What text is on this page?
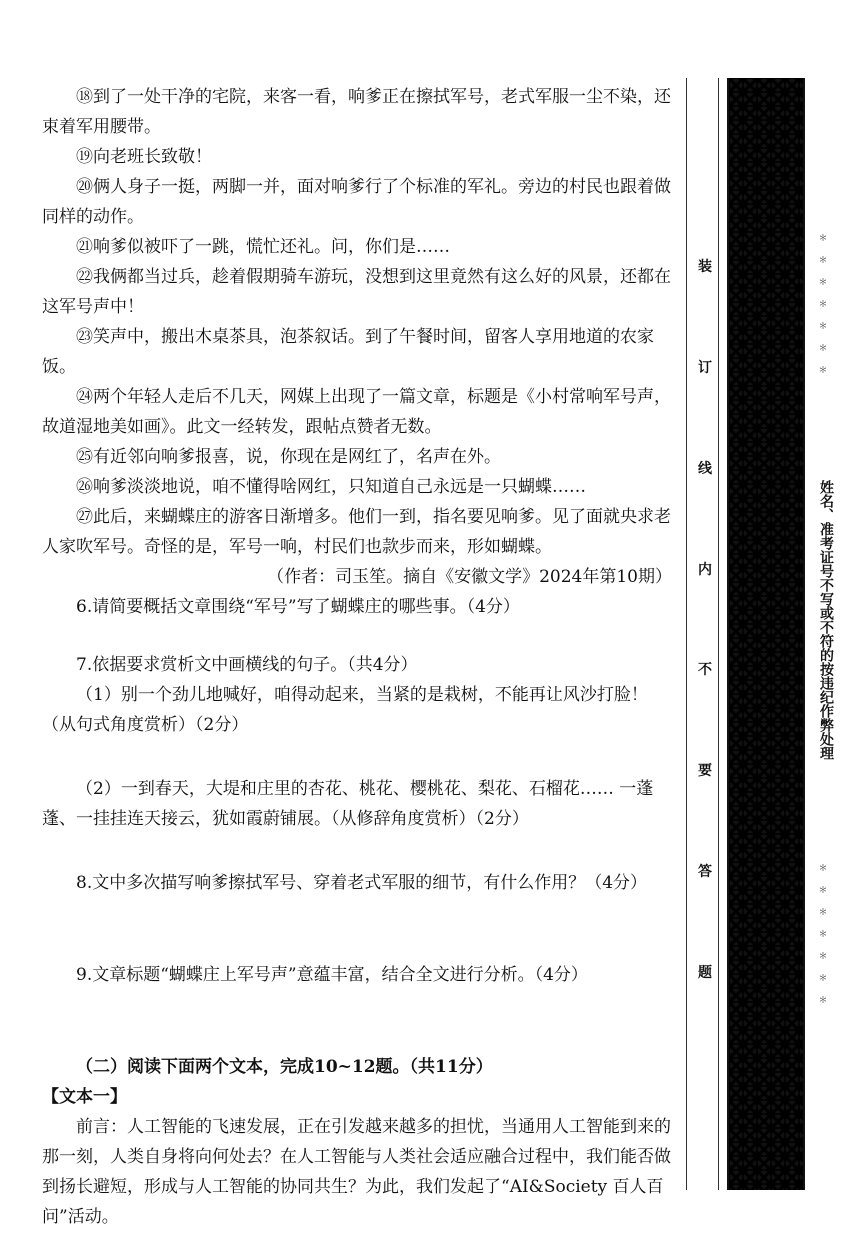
⑱到了一处干净的宅院，来客一看，响爹正在擦拭军号，老式军服一尘不染，还束着军用腰带。

⑲向老班长致敬！

⑳俩人身子一挺，两脚一并，面对响爹行了个标准的军礼。旁边的村民也跟着做同样的动作。

㉑响爹似被吓了一跳，慌忙还礼。问，你们是……

㉒我俩都当过兵，趁着假期骑车游玩，没想到这里竟然有这么好的风景，还都在这军号声中！

㉓笑声中，搬出木桌茶具，泡茶叙话。到了午餐时间，留客人享用地道的农家饭。

㉔两个年轻人走后不几天，网媒上出现了一篇文章，标题是《小村常响军号声，故道湿地美如画》。此文一经转发，跟帖点赞者无数。

㉕有近邻向响爹报喜，说，你现在是网红了，名声在外。

㉖响爹淡淡地说，咱不懂得啥网红，只知道自己永远是一只蝴蝶……

㉗此后，来蝴蝶庄的游客日渐增多。他们一到，指名要见响爹。见了面就央求老人家吹军号。奇怪的是，军号一响，村民们也款步而来，形如蝴蝶。

（作者：司玉笙。摘自《安徽文学》2024年第10期）

6.请简要概括文章围绕“军号”写了蝴蝶庄的哪些事。（4分）

7.依据要求赏析文中画横线的句子。（共4分）

（1）别一个劲儿地喊好，咱得动起来，当紧的是栽树，不能再让风沙打脸！（从句式角度赏析）（2分）

（2）一到春天，大堤和庄里的杏花、桃花、樱桃花、梨花、石榴花…… 一蓬蓬、一挂挂连天接云，犹如霞蔚铺展。（从修辞角度赏析）（2分）

8.文中多次描写响爹擦拭军号、穿着老式军服的细节，有什么作用？（4分）

9.文章标题“蝴蝶庄上军号声”意蕴丰富，结合全文进行分析。（4分）

（二）阅读下面两个文本，完成10~12题。（共11分）

【文本一】

前言：人工智能的飞速发展，正在引发越来越多的担忧，当通用人工智能到来的那一刻，人类自身将向何处去？在人工智能与人类社会适应融合过程中，我们能否做到扬长避短，形成与人工智能的协同共生？为此，我们发起了“AI&Society 百人百问”活动。

装
订
线
内
不
要
答
题
＊
＊
＊
＊
＊
＊
＊
姓名、准考证号不写或不符的按违纪作弊处理
＊
＊
＊
＊
＊
＊
＊
